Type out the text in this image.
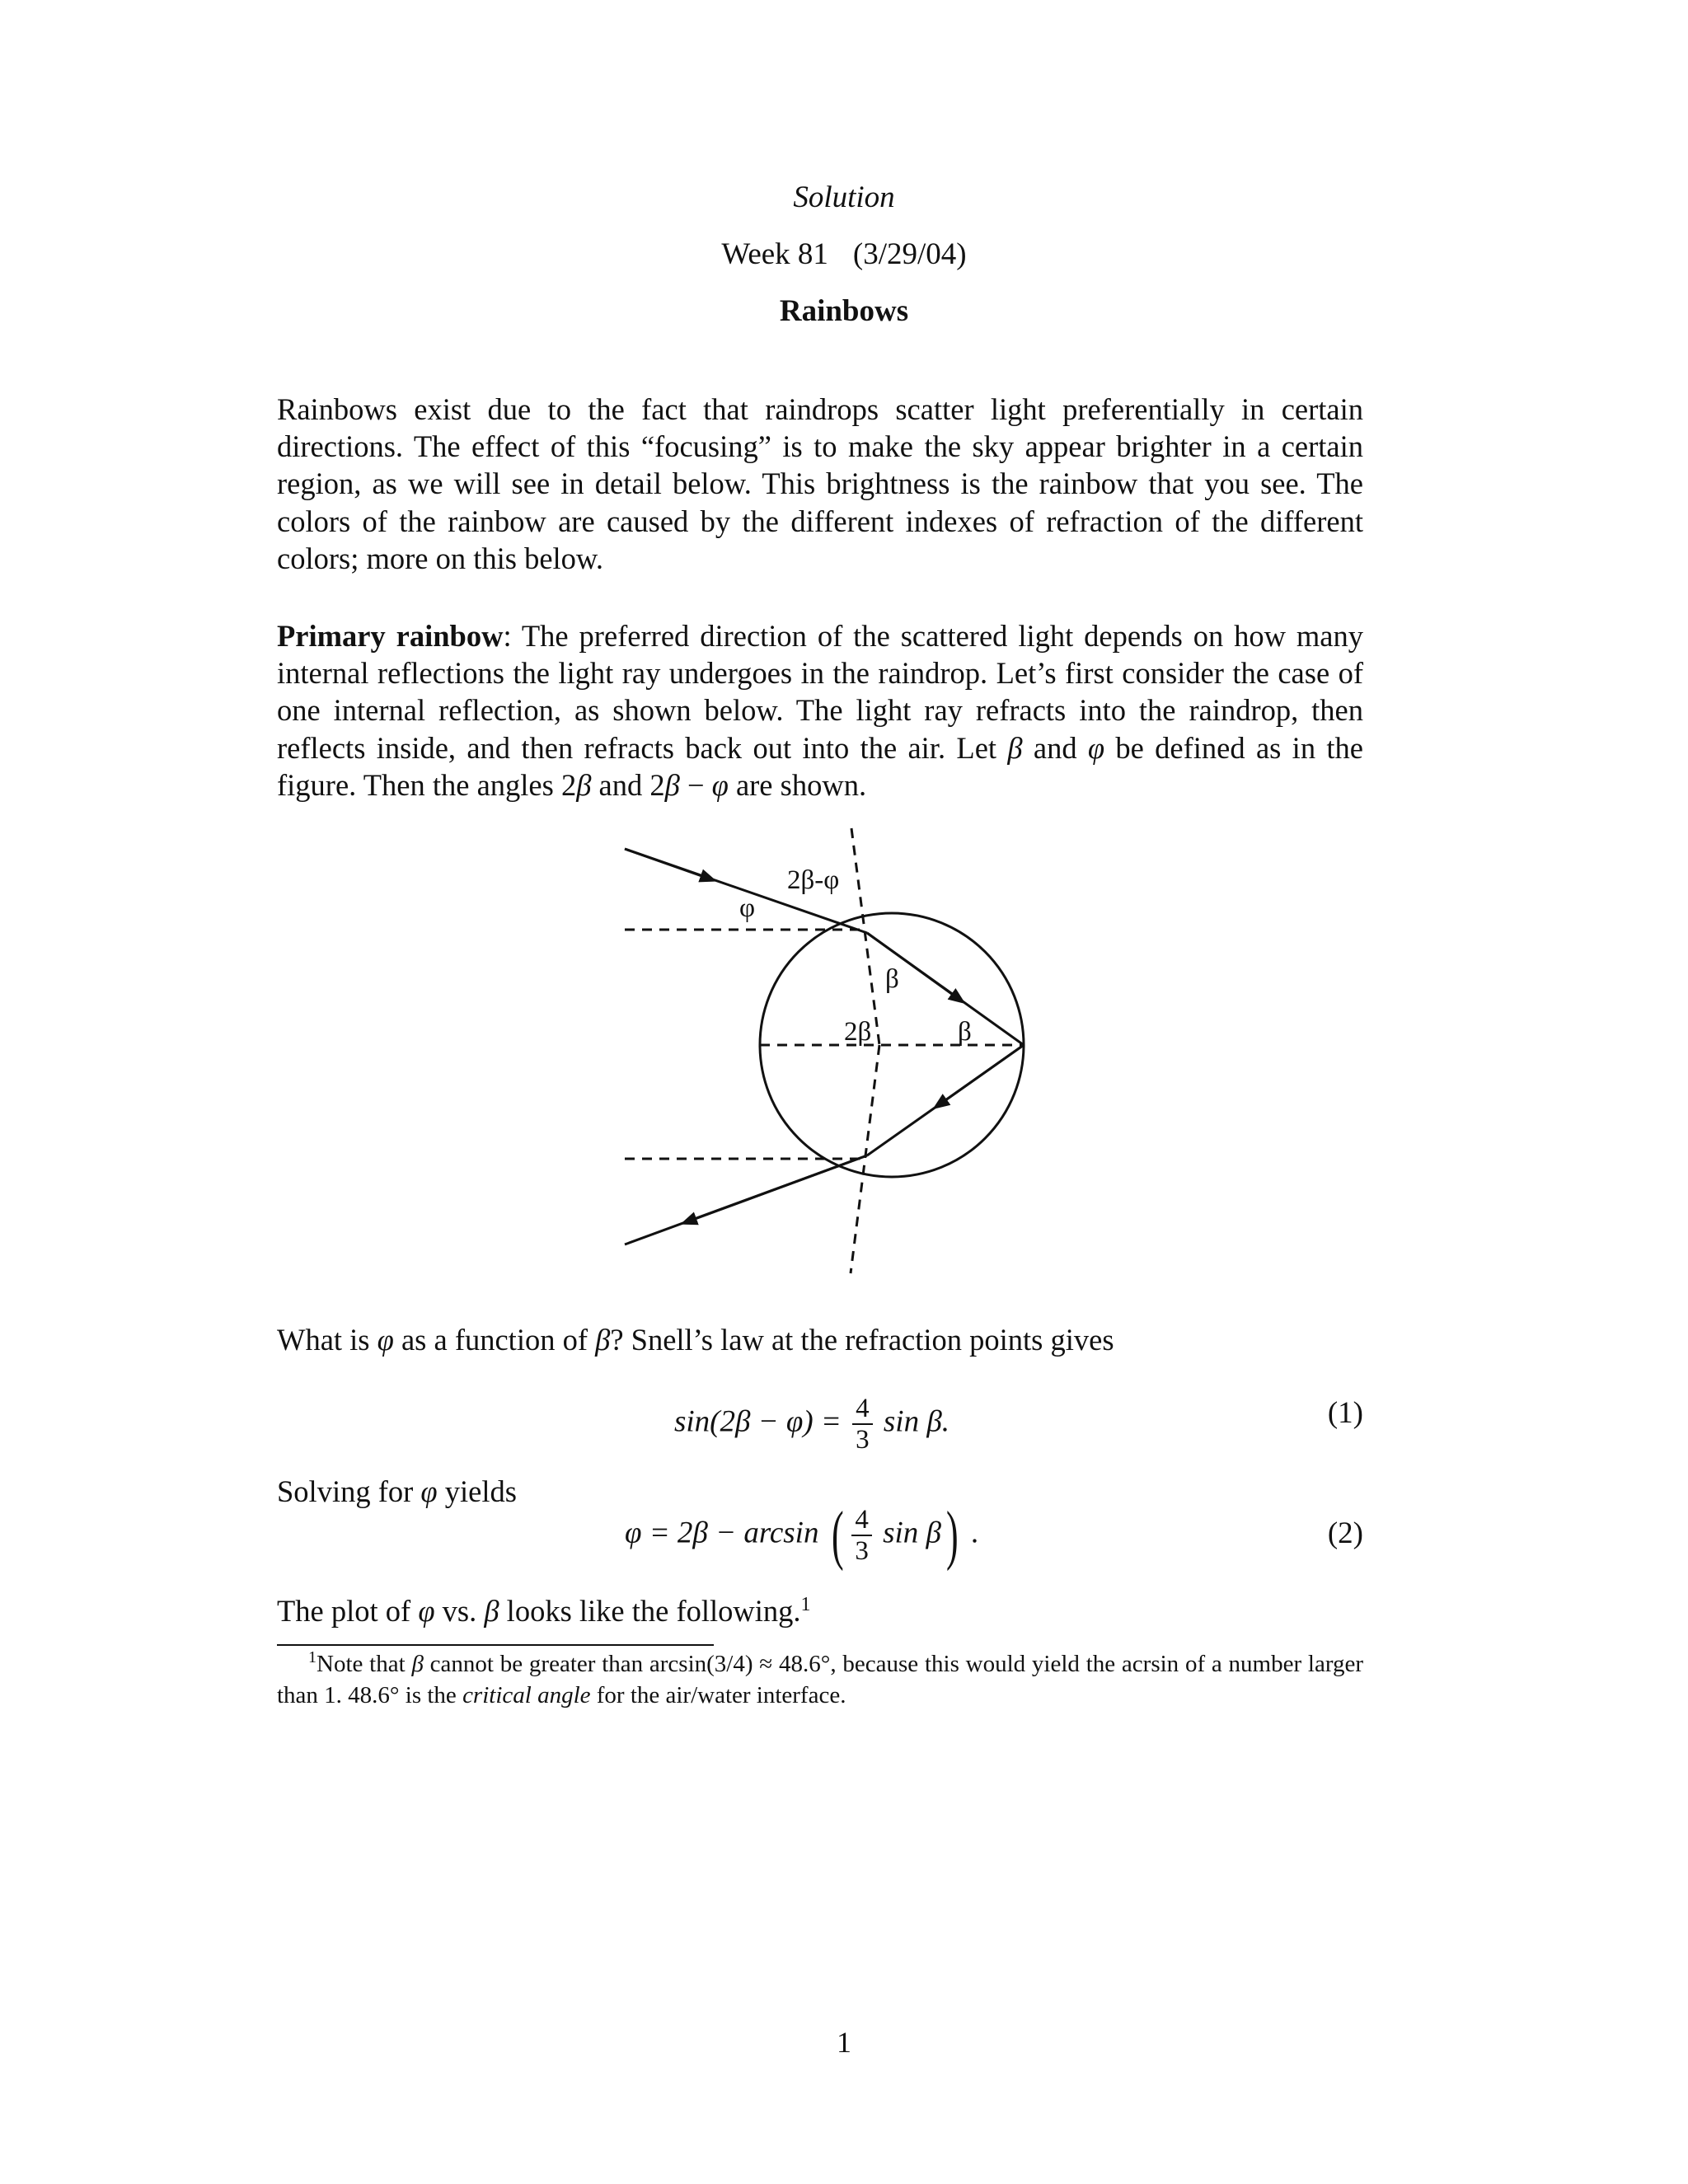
Solution
Week 81 (3/29/04)
Rainbows

Rainbows exist due to the fact that raindrops scatter light preferentially in certain directions. The effect of this “focusing” is to make the sky appear brighter in a certain region, as we will see in detail below. This brightness is the rainbow that you see. The colors of the rainbow are caused by the different indexes of refraction of the different colors; more on this below.

Primary rainbow: The preferred direction of the scattered light depends on how many internal reflections the light ray undergoes in the raindrop. Let’s first consider the case of one internal reflection, as shown below. The light ray refracts into the raindrop, then reflects inside, and then refracts back out into the air. Let β and φ be defined as in the figure. Then the angles 2β and 2β − φ are shown.

2β-φ
φ
β
2β	β

What is φ as a function of β? Snell’s law at the refraction points gives

$\sin(2\beta - \varphi) = \frac{4}{3}$ sin β.	(1)

Solving for φ yields

φ = 2β − arcsin ( $\frac{4}{3}$ sin β) .	(2)

The plot of φ vs. β looks like the following.$^1$

$^1$Note that β cannot be greater than arcsin(3/4) ≈ 48.6°, because this would yield the acrsin of a number larger than 1. 48.6° is the critical angle for the air/water interface.

1
